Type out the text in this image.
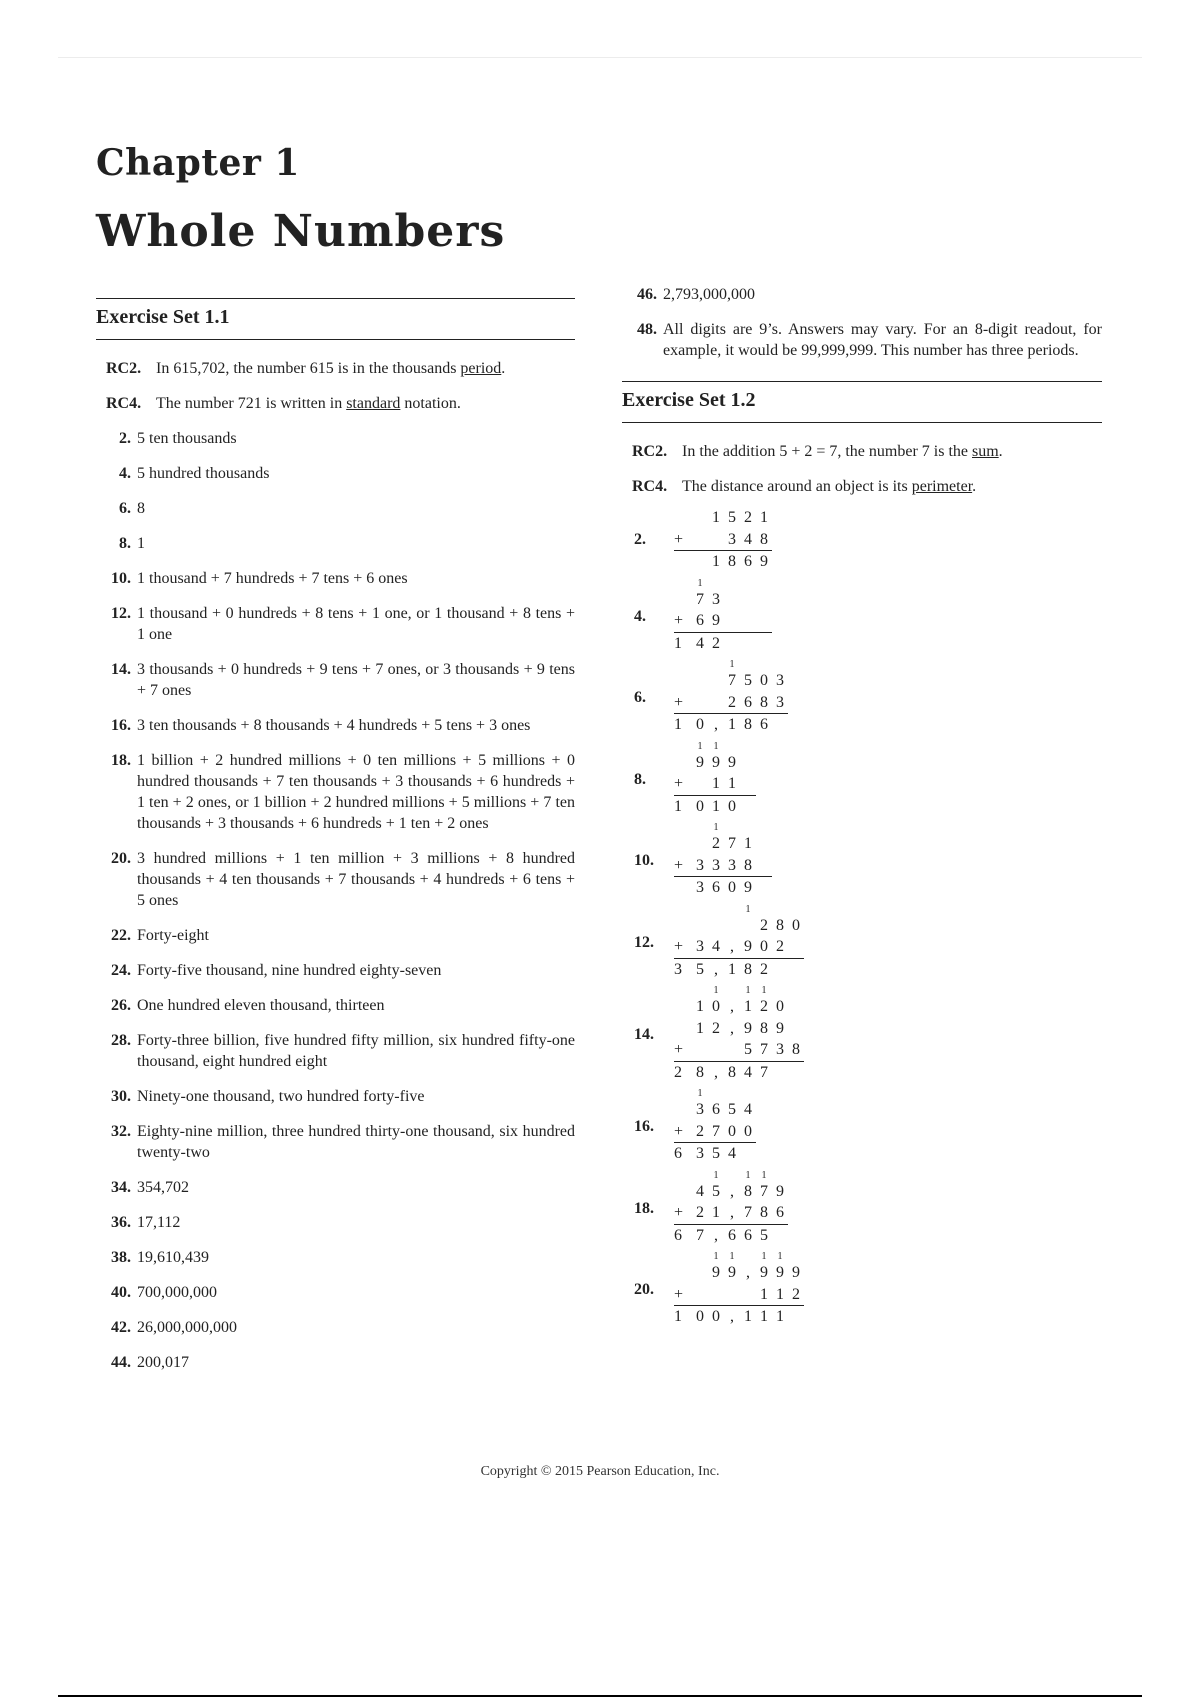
Chapter 1
Whole Numbers
Exercise Set 1.1
RC2. In 615,702, the number 615 is in the thousands period.
RC4. The number 721 is written in standard notation.
2. 5 ten thousands
4. 5 hundred thousands
6. 8
8. 1
10. 1 thousand + 7 hundreds + 7 tens + 6 ones
12. 1 thousand + 0 hundreds + 8 tens + 1 one, or 1 thousand + 8 tens + 1 one
14. 3 thousands + 0 hundreds + 9 tens + 7 ones, or 3 thousands + 9 tens + 7 ones
16. 3 ten thousands + 8 thousands + 4 hundreds + 5 tens + 3 ones
18. 1 billion + 2 hundred millions + 0 ten millions + 5 millions + 0 hundred thousands + 7 ten thousands + 3 thousands + 6 hundreds + 1 ten + 2 ones, or 1 billion + 2 hundred millions + 5 millions + 7 ten thousands + 3 thousands + 6 hundreds + 1 ten + 2 ones
20. 3 hundred millions + 1 ten million + 3 millions + 8 hundred thousands + 4 ten thousands + 7 thousands + 4 hundreds + 6 tens + 5 ones
22. Forty-eight
24. Forty-five thousand, nine hundred eighty-seven
26. One hundred eleven thousand, thirteen
28. Forty-three billion, five hundred fifty million, six hundred fifty-one thousand, eight hundred eight
30. Ninety-one thousand, two hundred forty-five
32. Eighty-nine million, three hundred thirty-one thousand, six hundred twenty-two
34. 354,702
36. 17,112
38. 19,610,439
40. 700,000,000
42. 26,000,000,000
44. 200,017
46. 2,793,000,000
48. All digits are 9’s. Answers may vary. For an 8-digit readout, for example, it would be 99,999,999. This number has three periods.
Exercise Set 1.2
RC2. In the addition 5 + 2 = 7, the number 7 is the sum.
RC4. The distance around an object is its perimeter.
2.

		1	5	2	1
+			3	4	8
		1	8	6	9
4.
	1				
	7	3			
+	6	9			
1	4	2			
6.
			1			
			7	5	0	3
+			2	6	8	3
1	0	,	1	8	6	
8.
	1	1		
	9	9	9	
+		1	1	
1	0	1	0	
10.
		1			
		2	7	1	
+	3	3	3	8	
	3	6	0	9	
12.
				1			
					2	8	0
+	3	4	,	9	0	2	
3	5	,	1	8	2		
14.
		1		1	1		
	1	0	,	1	2	0	
	1	2	,	9	8	9	
+				5	7	3	8
2	8	,	8	4	7		
16.
	1			
	3	6	5	4
+	2	7	0	0
6	3	5	4	
18.
		1		1	1	
	4	5	,	8	7	9
+	2	1	,	7	8	6
6	7	,	6	6	5	
20.
		1	1		1	1	
		9	9	,	9	9	9
+					1	1	2
1	0	0	,	1	1	1	
Copyright © 2015 Pearson Education, Inc.
